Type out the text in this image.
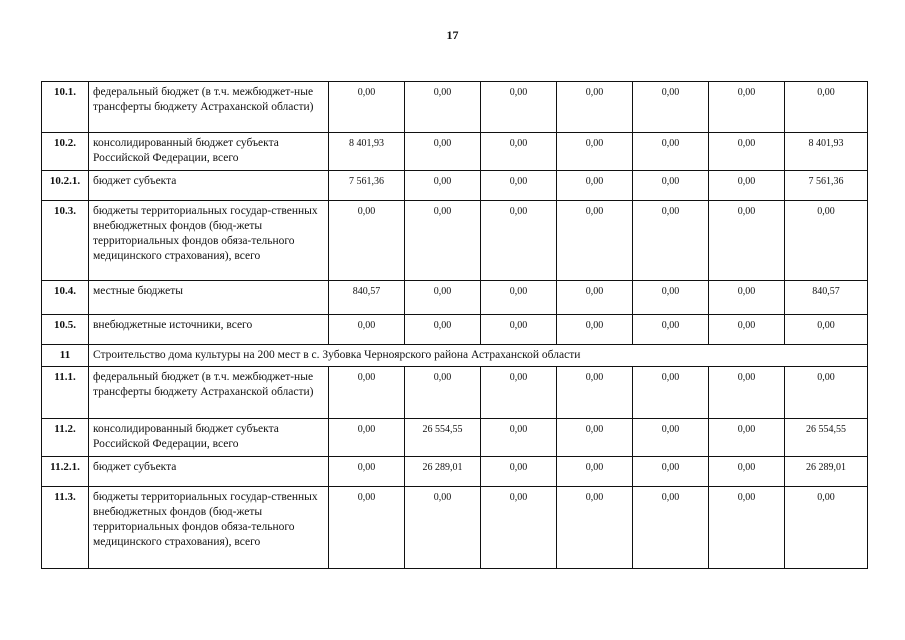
17
10.1.	федеральный бюджет (в т.ч. межбюджет-ные трансферты бюджету Астраханской области)	0,00	0,00	0,00	0,00	0,00	0,00	0,00
10.2.	консолидированный бюджет субъекта Российской Федерации, всего	8 401,93	0,00	0,00	0,00	0,00	0,00	8 401,93
10.2.1.	бюджет субъекта	7 561,36	0,00	0,00	0,00	0,00	0,00	7 561,36
10.3.	бюджеты территориальных государ-ственных внебюджетных фондов (бюд-жеты территориальных фондов обяза-тельного медицинского страхования), всего	0,00	0,00	0,00	0,00	0,00	0,00	0,00
10.4.	местные бюджеты	840,57	0,00	0,00	0,00	0,00	0,00	840,57
10.5.	внебюджетные источники, всего	0,00	0,00	0,00	0,00	0,00	0,00	0,00
11	Строительство дома культуры на 200 мест в с. Зубовка Черноярского района Астраханской области							
11.1.	федеральный бюджет (в т.ч. межбюджет-ные трансферты бюджету Астраханской области)	0,00	0,00	0,00	0,00	0,00	0,00	0,00
11.2.	консолидированный бюджет субъекта Российской Федерации, всего	0,00	26 554,55	0,00	0,00	0,00	0,00	26 554,55
11.2.1.	бюджет субъекта	0,00	26 289,01	0,00	0,00	0,00	0,00	26 289,01
11.3.	бюджеты территориальных государ-ственных внебюджетных фондов (бюд-жеты территориальных фондов обяза-тельного медицинского страхования), всего	0,00	0,00	0,00	0,00	0,00	0,00	0,00
